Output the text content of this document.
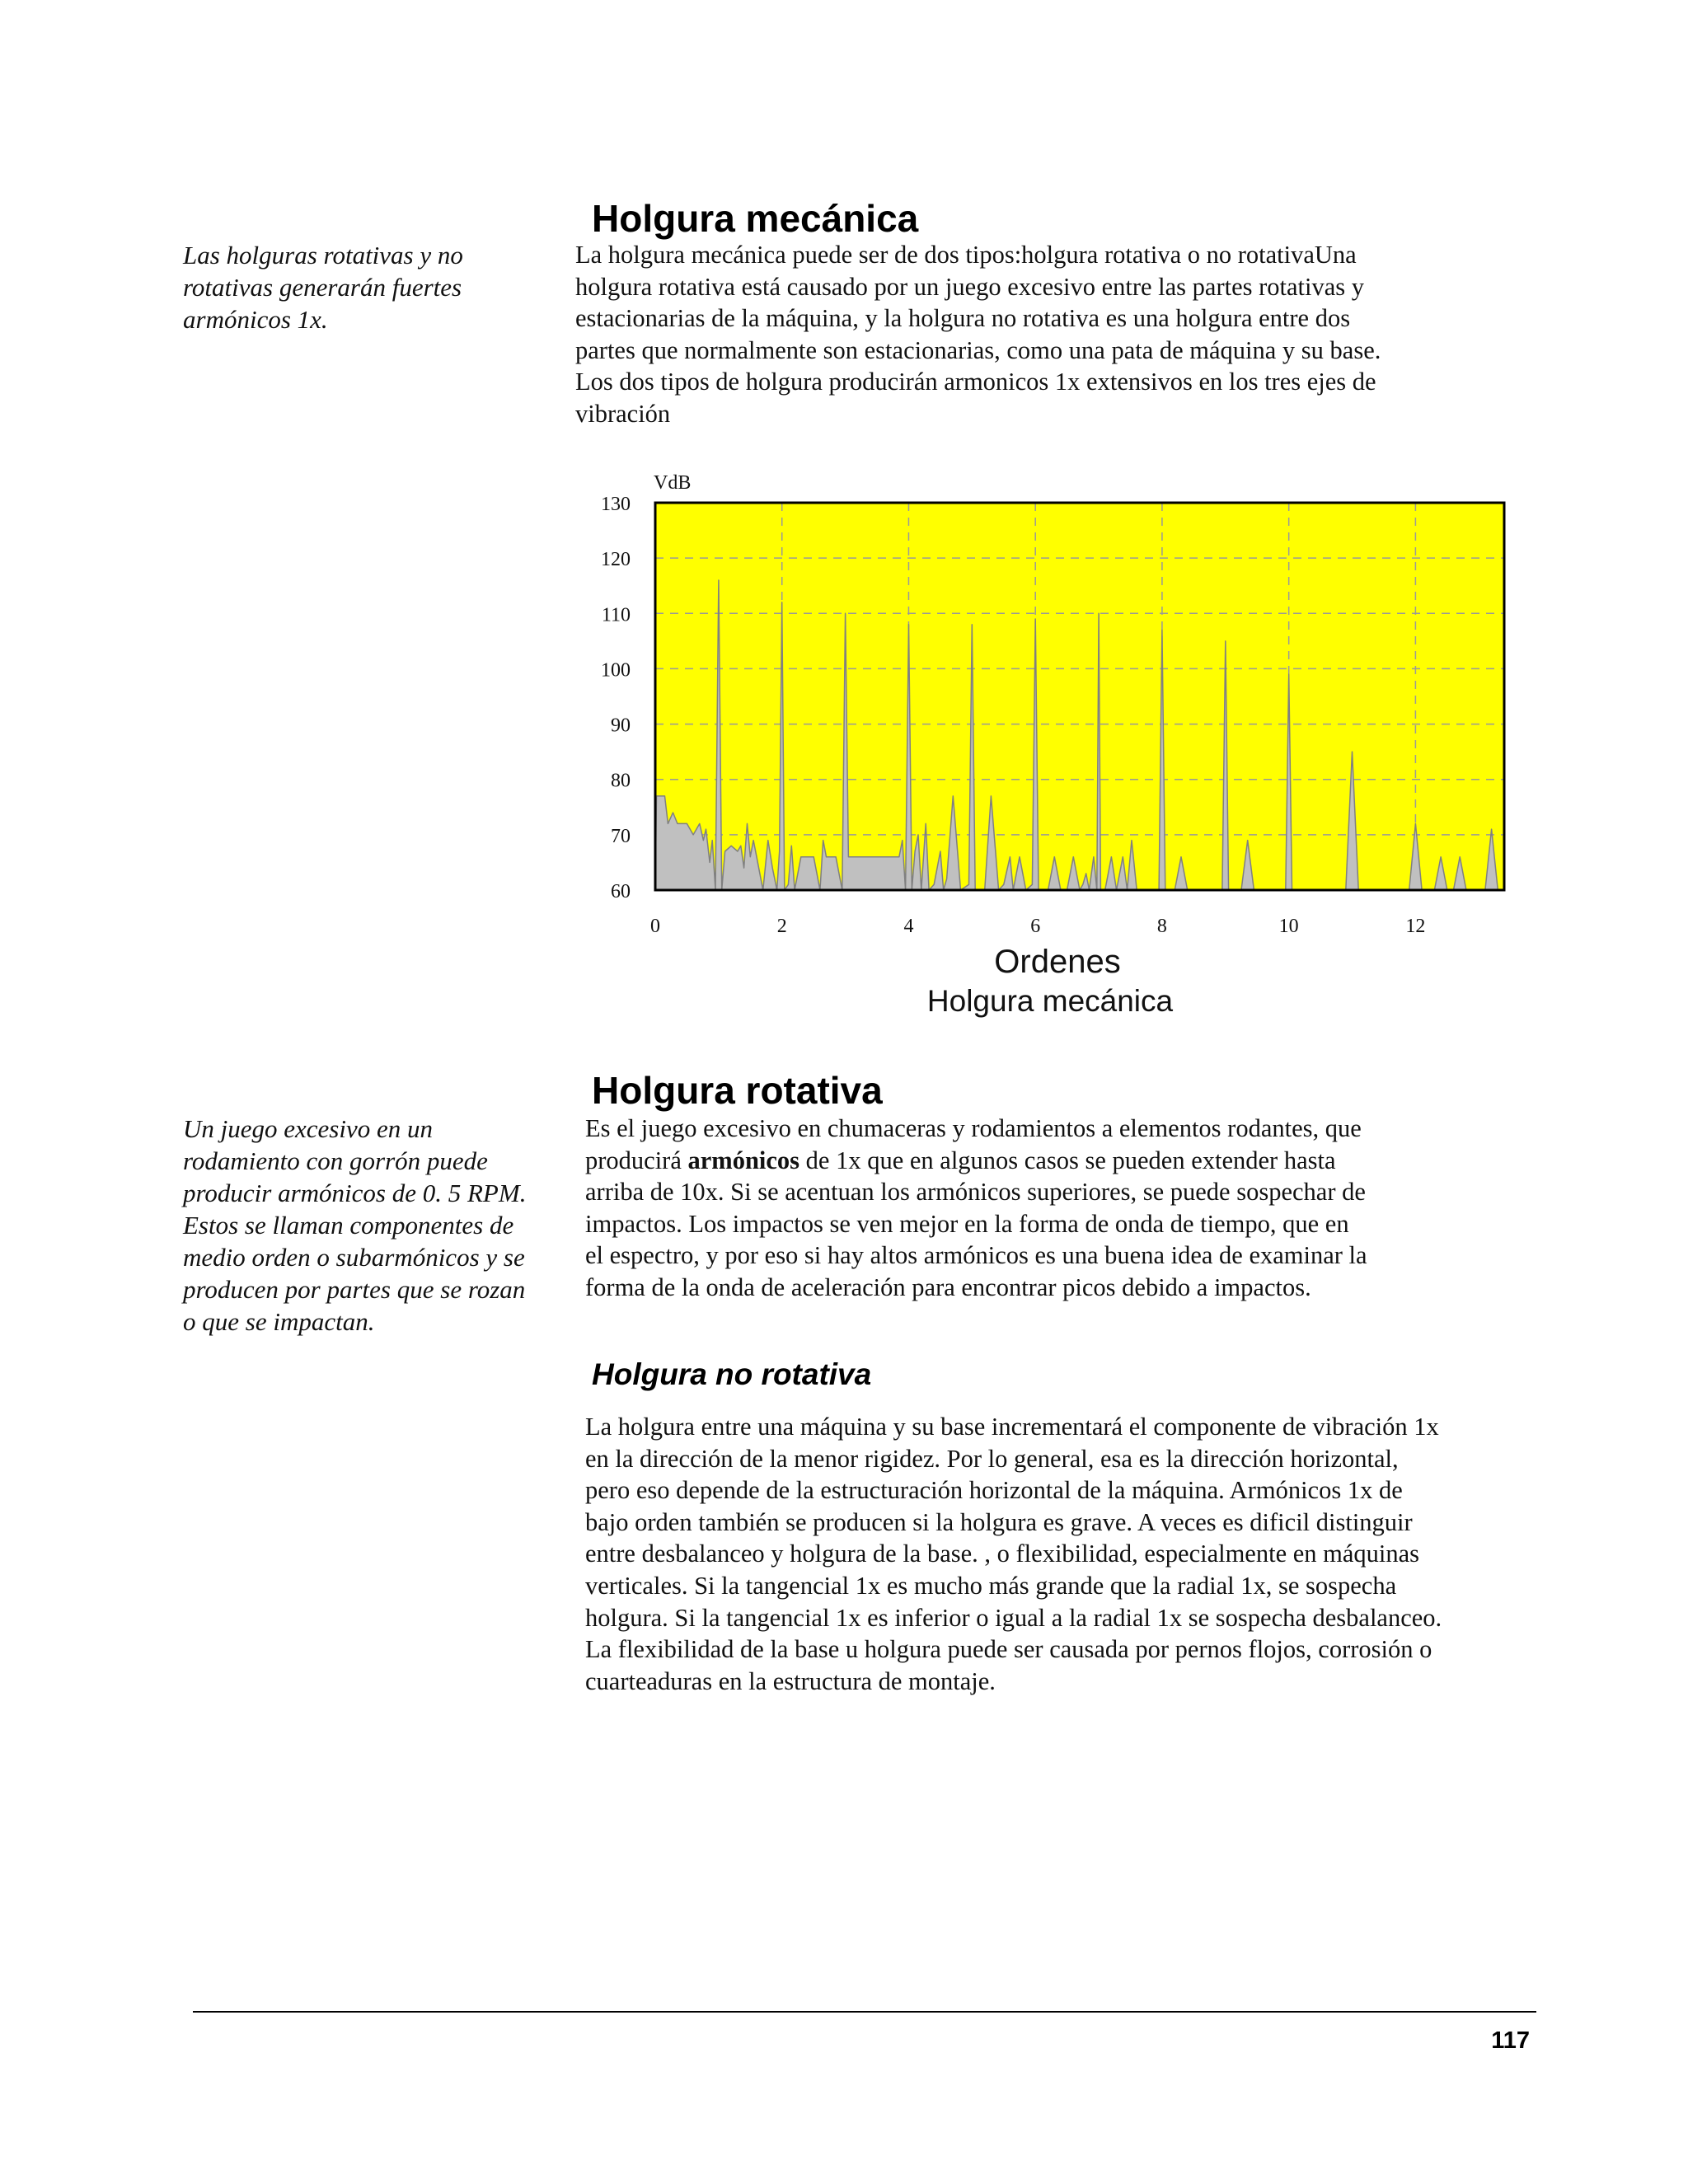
Las holguras rotativas y no
rotativas generarán fuertes
armónicos 1x.
Un juego excesivo en un
rodamiento con gorrón puede
producir armónicos de 0. 5 RPM.
Estos se llaman componentes de
medio orden o subarmónicos y se
producen por partes que se rozan
o que se impactan.
Holgura mecánica
La holgura mecánica puede ser de dos tipos:holgura rotativa o no rotativaUna
holgura rotativa está causado por un juego excesivo entre las partes rotativas y
estacionarias de la máquina, y la holgura no rotativa es una holgura entre dos
partes que normalmente son estacionarias, como una pata de máquina y su base.
Los dos tipos de holgura producirán armonicos 1x extensivos en los tres ejes de
vibración
VdB
60
70
80
90
100
110
120
130
0	2	4	6	8	10	12
Ordenes
Holgura mecánica
Holgura rotativa
Es el juego excesivo en chumaceras y rodamientos a elementos rodantes, que
producirá armónicos de 1x que en algunos casos se pueden extender hasta
arriba de 10x. Si se acentuan los armónicos superiores, se puede sospechar de
impactos. Los impactos se ven mejor en la forma de onda de tiempo, que en
el espectro, y por eso si hay altos armónicos es una buena idea de examinar la
forma de la onda de aceleración para encontrar picos debido a impactos.
Holgura no rotativa
La holgura entre una máquina y su base incrementará el componente de vibración 1x
en la dirección de la menor rigidez. Por lo general, esa es la dirección horizontal,
pero eso depende de la estructuración horizontal de la máquina. Armónicos 1x de
bajo orden también se producen si la holgura es grave. A veces es dificil distinguir
entre desbalanceo y holgura de la base. , o flexibilidad, especialmente en máquinas
verticales. Si la tangencial 1x es mucho más grande que la radial 1x, se sospecha
holgura. Si la tangencial 1x es inferior o igual a la radial 1x se sospecha desbalanceo.
La flexibilidad de la base u holgura puede ser causada por pernos flojos, corrosión o
cuarteaduras en la estructura de montaje.
117
